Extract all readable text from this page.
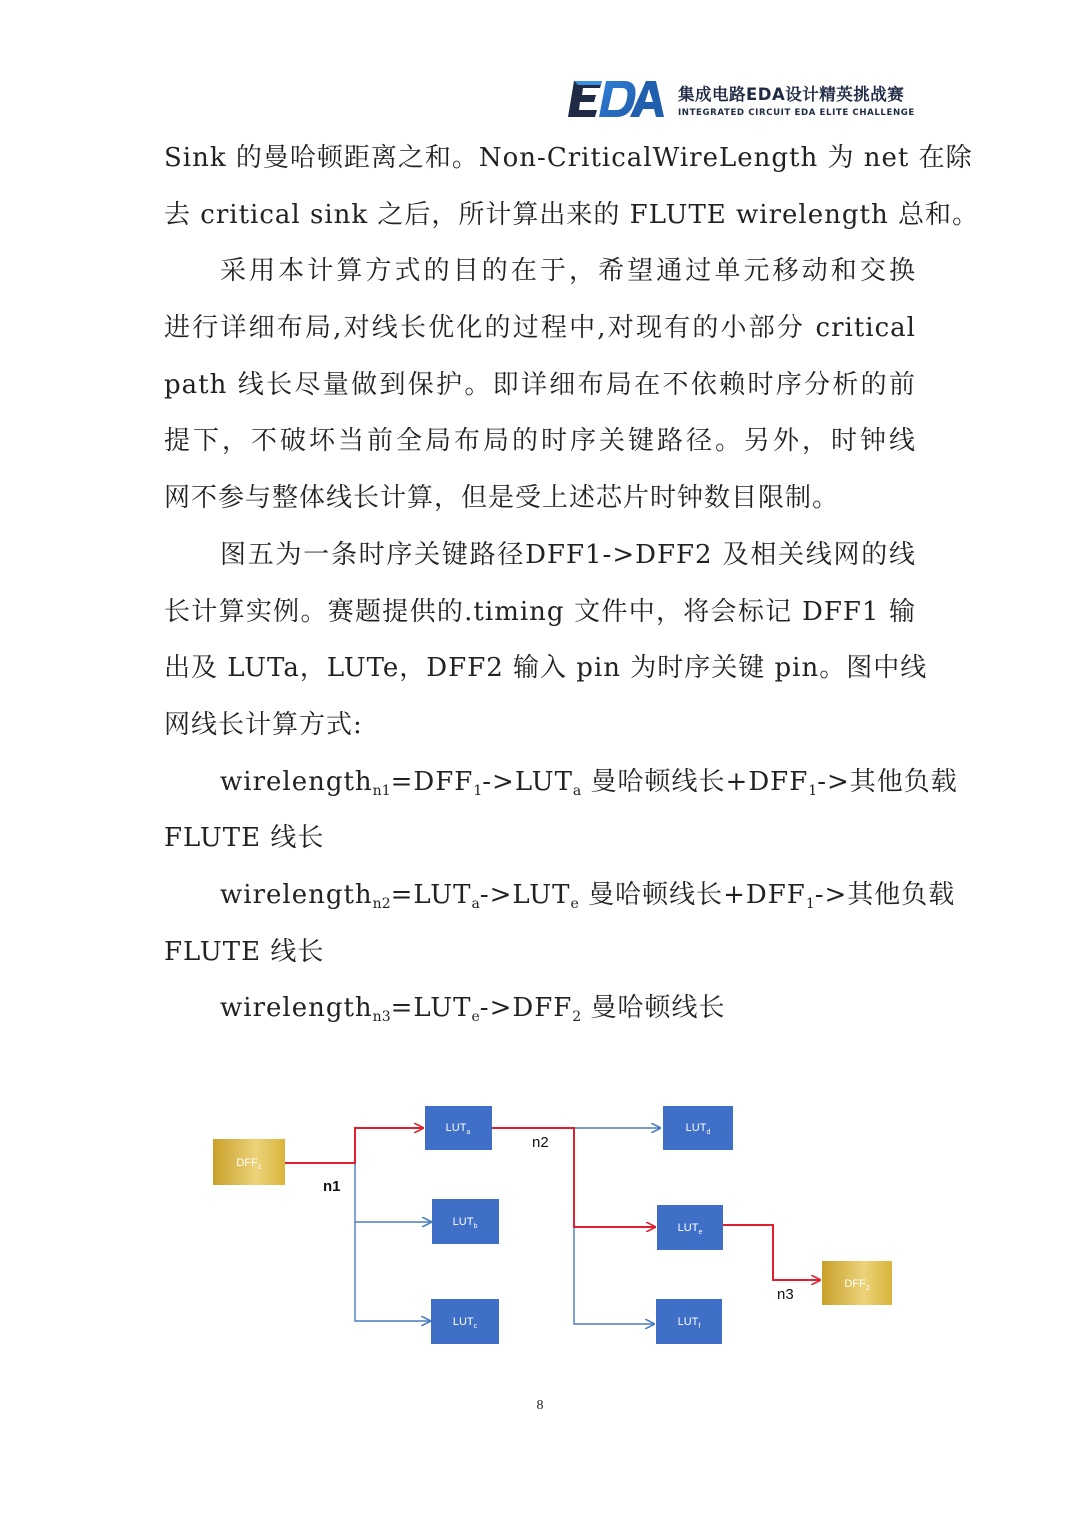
集成电路EDA设计精英挑战赛
INTEGRATED CIRCUIT EDA ELITE CHALLENGE
Sink 的曼哈顿距离之和。Non-CriticalWireLength 为 net 在除
去 critical sink 之后，所计算出来的 FLUTE wirelength 总和。
采用本计算方式的目的在于，希望通过单元移动和交换
进行详细布局,对线长优化的过程中,对现有的小部分 critical
path 线长尽量做到保护。即详细布局在不依赖时序分析的前
提下，不破坏当前全局布局的时序关键路径。另外，时钟线
网不参与整体线长计算，但是受上述芯片时钟数目限制。
图五为一条时序关键路径DFF1->DFF2 及相关线网的线
长计算实例。赛题提供的.timing 文件中，将会标记 DFF1 输
出及 LUTa，LUTe，DFF2 输入 pin 为时序关键 pin。图中线
网线长计算方式:
$wirelength_{n1}=DFF_1->LUT_a$ 曼哈顿线长$+DFF_1->$其他负载
FLUTE 线长
$wirelength_{n2}=LUT_a->LUT_e$ 曼哈顿线长$+DFF_1->$其他负载
FLUTE 线长
$wirelength_{n3}=LUT_e->DFF_2$ 曼哈顿线长
$DFF_1$
$LUT_a$
$LUT_b$
$LUT_c$
$LUT_d$
$LUT_e$
$LUT_f$
$DFF_2$
n1
n2
n3
8
